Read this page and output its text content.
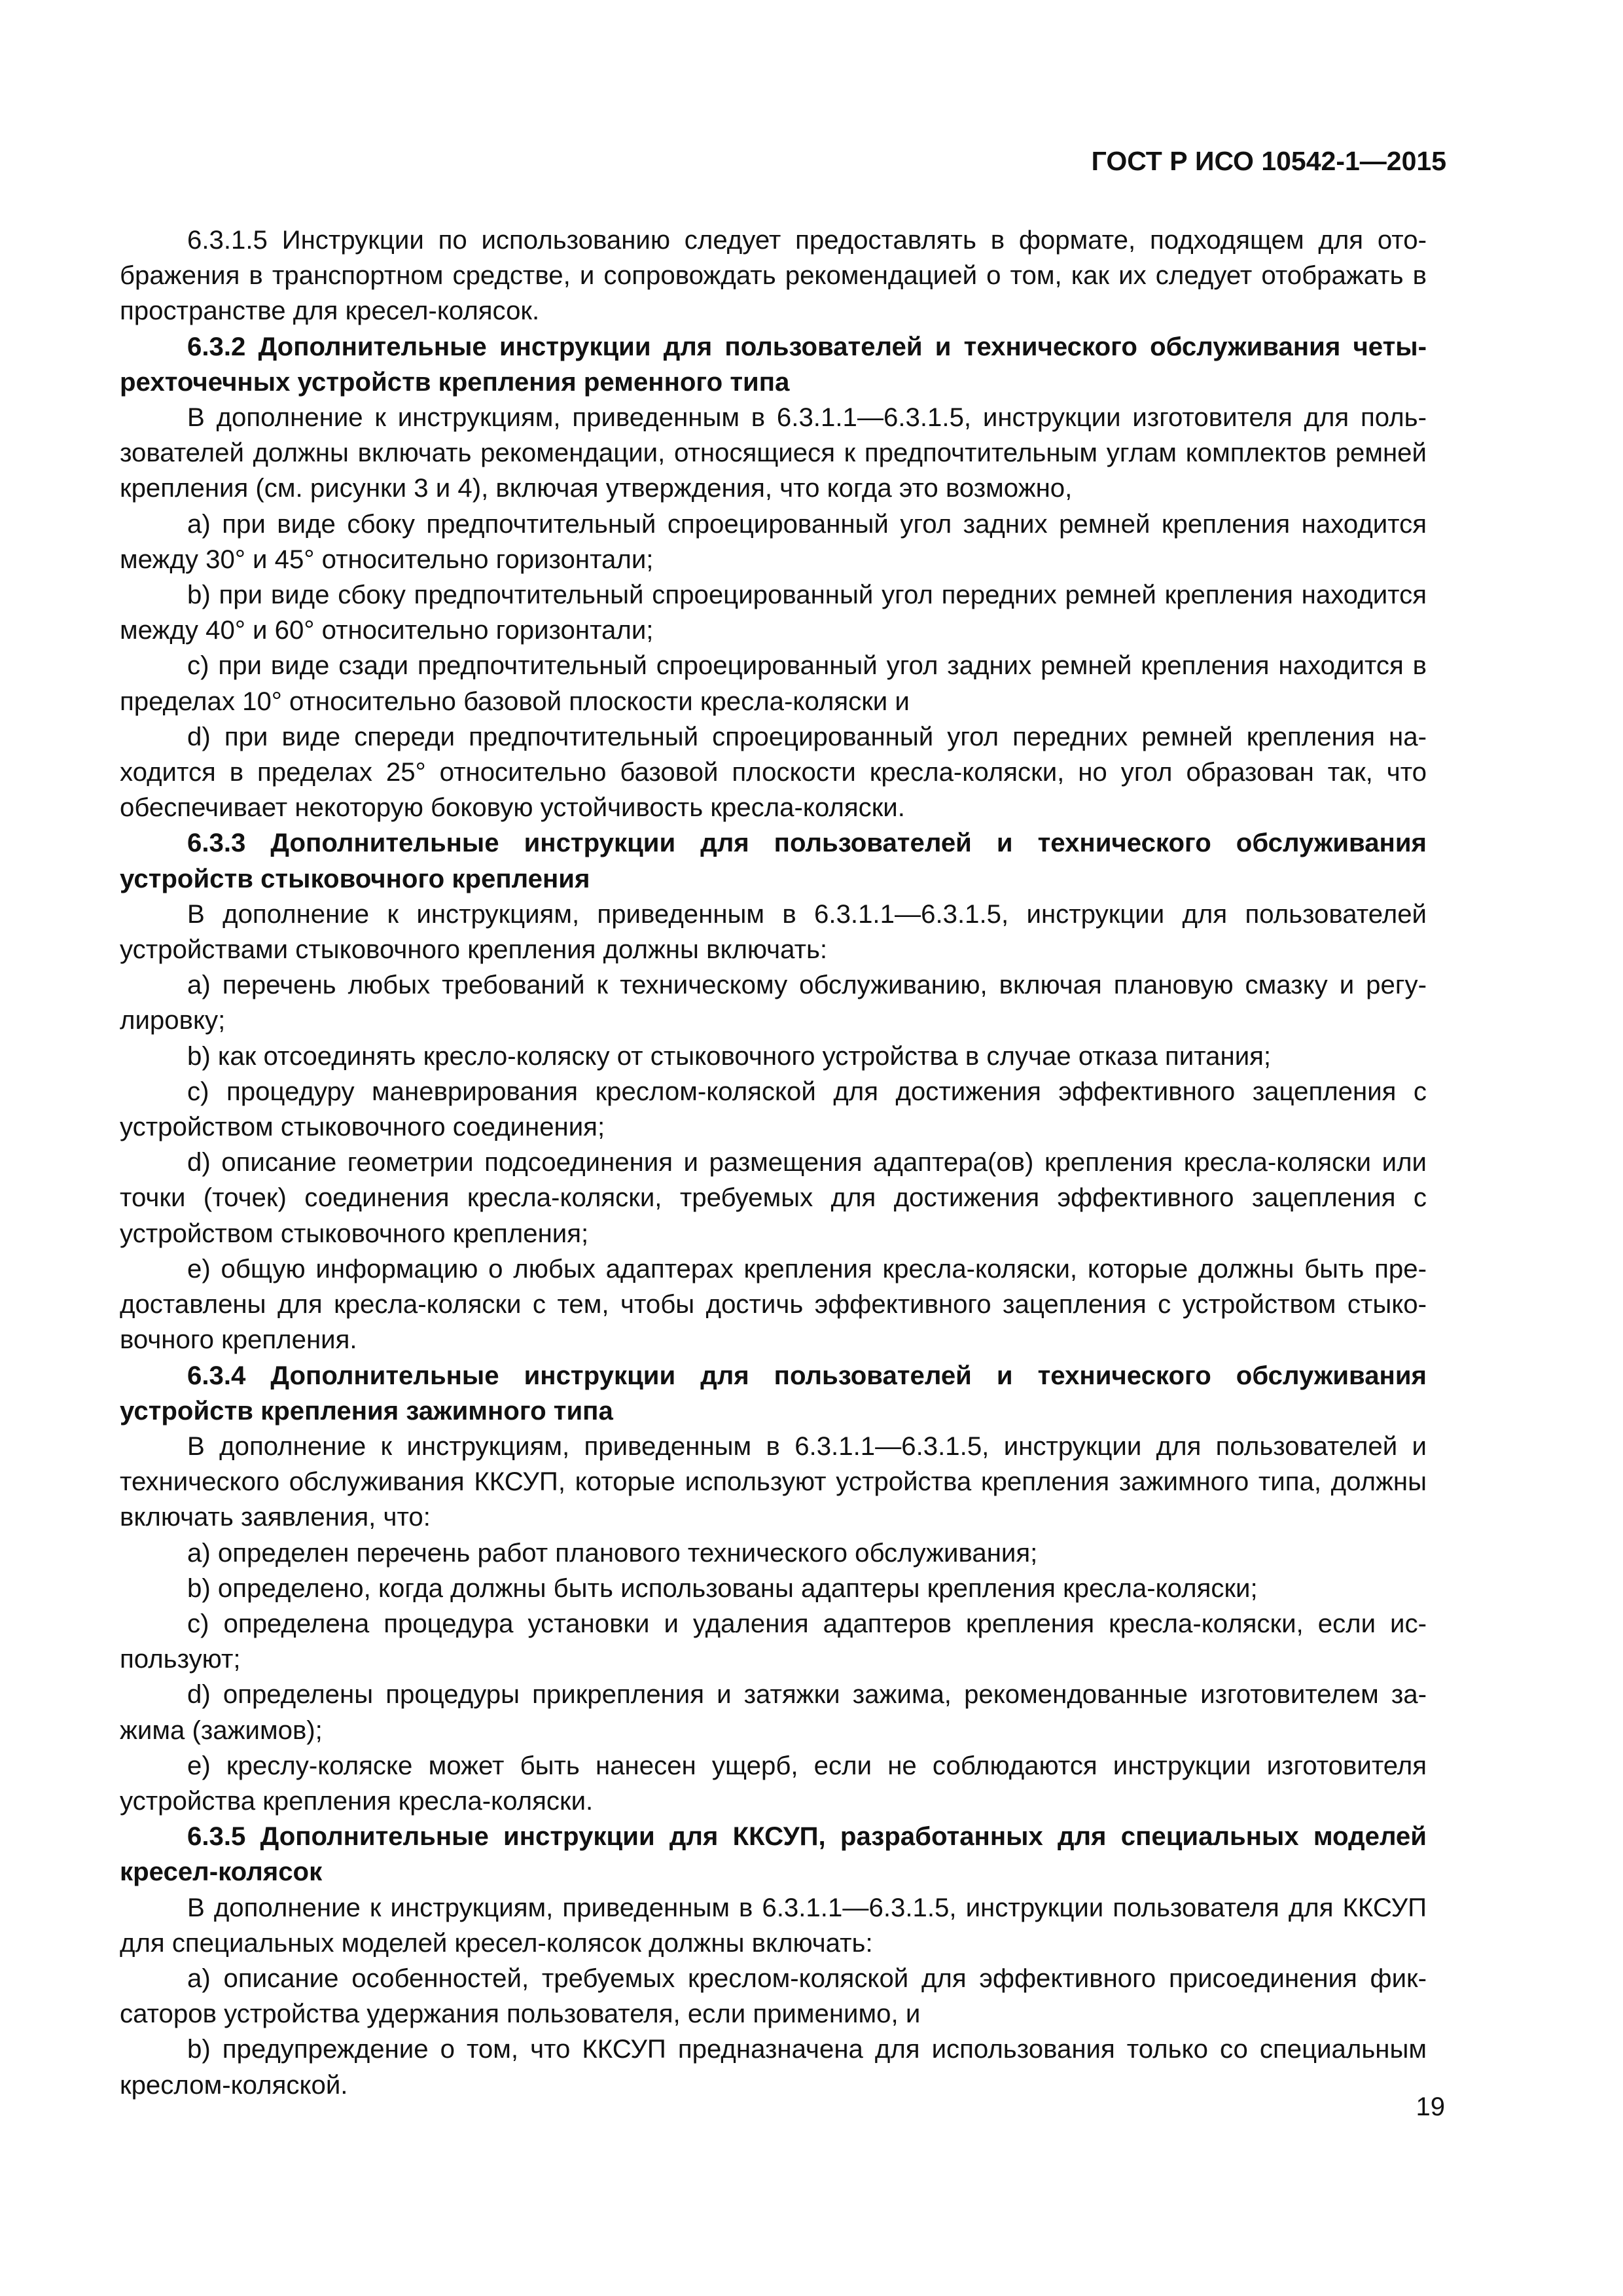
ГОСТ Р ИСО 10542-1—2015

6.3.1.5 Инструкции по использованию следует предоставлять в формате, подходящем для отображения в транспортном средстве, и сопровождать рекомендацией о том, как их следует отображать в пространстве для кресел-колясок.

6.3.2 Дополнительные инструкции для пользователей и технического обслуживания четырехточечных устройств крепления ременного типа

В дополнение к инструкциям, приведенным в 6.3.1.1—6.3.1.5, инструкции изготовителя для пользователей должны включать рекомендации, относящиеся к предпочтительным углам комплектов ремней крепления (см. рисунки 3 и 4), включая утверждения, что когда это возможно,

a) при виде сбоку предпочтительный спроецированный угол задних ремней крепления находится между 30° и 45° относительно горизонтали;

b) при виде сбоку предпочтительный спроецированный угол передних ремней крепления находится между 40° и 60° относительно горизонтали;

c) при виде сзади предпочтительный спроецированный угол задних ремней крепления находится в пределах 10° относительно базовой плоскости кресла-коляски и

d) при виде спереди предпочтительный спроецированный угол передних ремней крепления находится в пределах 25° относительно базовой плоскости кресла-коляски, но угол образован так, что обеспечивает некоторую боковую устойчивость кресла-коляски.

6.3.3 Дополнительные инструкции для пользователей и технического обслуживания устройств стыковочного крепления

В дополнение к инструкциям, приведенным в 6.3.1.1—6.3.1.5, инструкции для пользователей устройствами стыковочного крепления должны включать:

a) перечень любых требований к техническому обслуживанию, включая плановую смазку и регулировку;

b) как отсоединять кресло-коляску от стыковочного устройства в случае отказа питания;

c) процедуру маневрирования креслом-коляской для достижения эффективного зацепления с устройством стыковочного соединения;

d) описание геометрии подсоединения и размещения адаптера(ов) крепления кресла-коляски или точки (точек) соединения кресла-коляски, требуемых для достижения эффективного зацепления с устройством стыковочного крепления;

e) общую информацию о любых адаптерах крепления кресла-коляски, которые должны быть предоставлены для кресла-коляски с тем, чтобы достичь эффективного зацепления с устройством стыковочного крепления.

6.3.4 Дополнительные инструкции для пользователей и технического обслуживания устройств крепления зажимного типа

В дополнение к инструкциям, приведенным в 6.3.1.1—6.3.1.5, инструкции для пользователей и технического обслуживания ККСУП, которые используют устройства крепления зажимного типа, должны включать заявления, что:

a) определен перечень работ планового технического обслуживания;

b) определено, когда должны быть использованы адаптеры крепления кресла-коляски;

c) определена процедура установки и удаления адаптеров крепления кресла-коляски, если используют;

d) определены процедуры прикрепления и затяжки зажима, рекомендованные изготовителем зажима (зажимов);

e) креслу-коляске может быть нанесен ущерб, если не соблюдаются инструкции изготовителя устройства крепления кресла-коляски.

6.3.5 Дополнительные инструкции для ККСУП, разработанных для специальных моделей кресел-колясок

В дополнение к инструкциям, приведенным в 6.3.1.1—6.3.1.5, инструкции пользователя для ККСУП для специальных моделей кресел-колясок должны включать:

a) описание особенностей, требуемых креслом-коляской для эффективного присоединения фиксаторов устройства удержания пользователя, если применимо, и

b) предупреждение о том, что ККСУП предназначена для использования только со специальным креслом-коляской.

19
